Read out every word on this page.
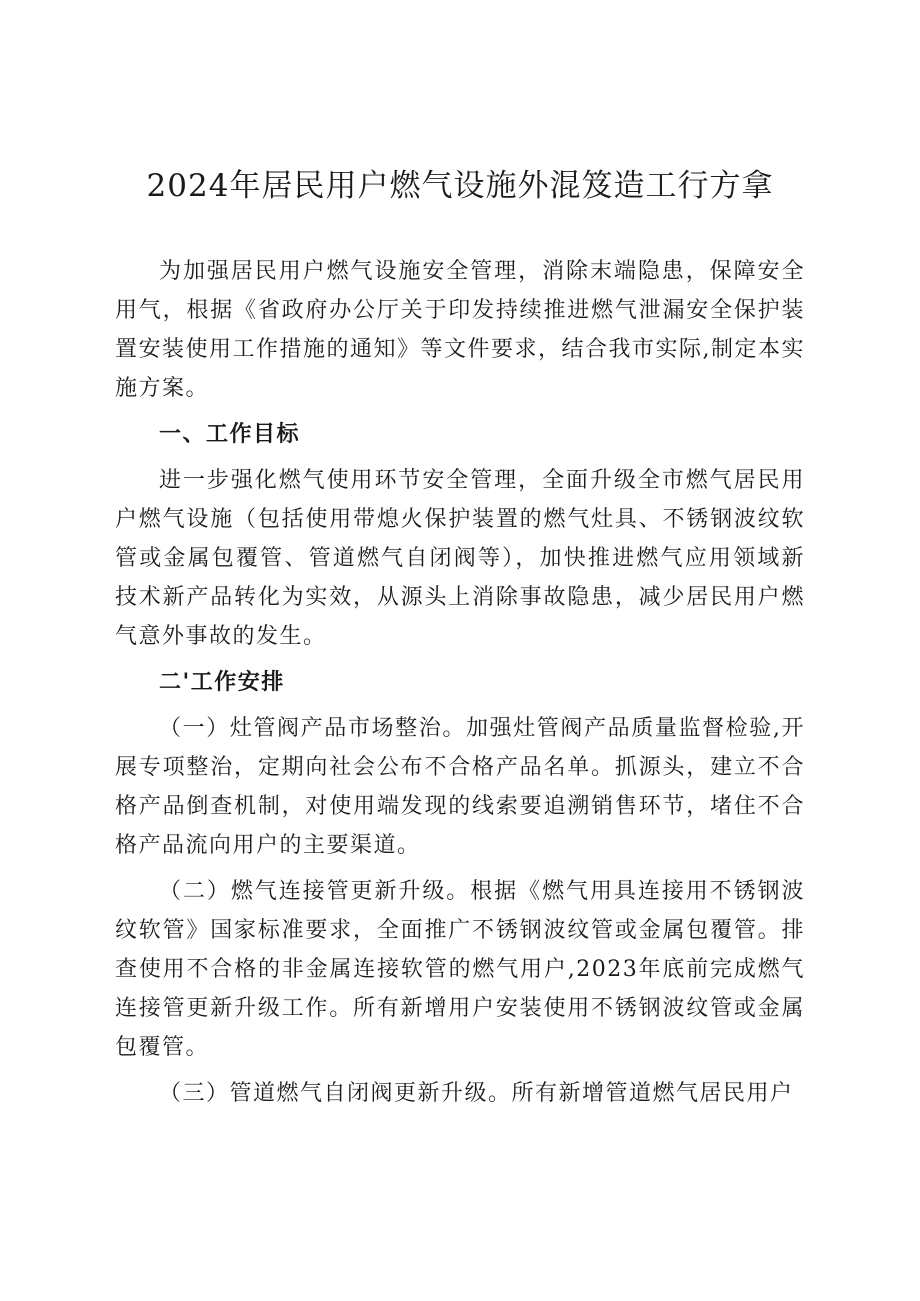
2024年居民用户燃气设施外混笈造工行方拿

为加强居民用户燃气设施安全管理，消除末端隐患，保障安全用气，根据《省政府办公厅关于印发持续推进燃气泄漏安全保护装置安装使用工作措施的通知》等文件要求，结合我市实际,制定本实施方案。

一、工作目标

进一步强化燃气使用环节安全管理，全面升级全市燃气居民用户燃气设施（包括使用带熄火保护装置的燃气灶具、不锈钢波纹软管或金属包覆管、管道燃气自闭阀等），加快推进燃气应用领域新技术新产品转化为实效，从源头上消除事故隐患，减少居民用户燃气意外事故的发生。

二'工作安排

（一）灶管阀产品市场整治。加强灶管阀产品质量监督检验,开展专项整治，定期向社会公布不合格产品名单。抓源头，建立不合格产品倒查机制，对使用端发现的线索要追溯销售环节，堵住不合格产品流向用户的主要渠道。

（二）燃气连接管更新升级。根据《燃气用具连接用不锈钢波纹软管》国家标准要求，全面推广不锈钢波纹管或金属包覆管。排查使用不合格的非金属连接软管的燃气用户,2023年底前完成燃气连接管更新升级工作。所有新增用户安装使用不锈钢波纹管或金属包覆管。

（三）管道燃气自闭阀更新升级。所有新增管道燃气居民用户
